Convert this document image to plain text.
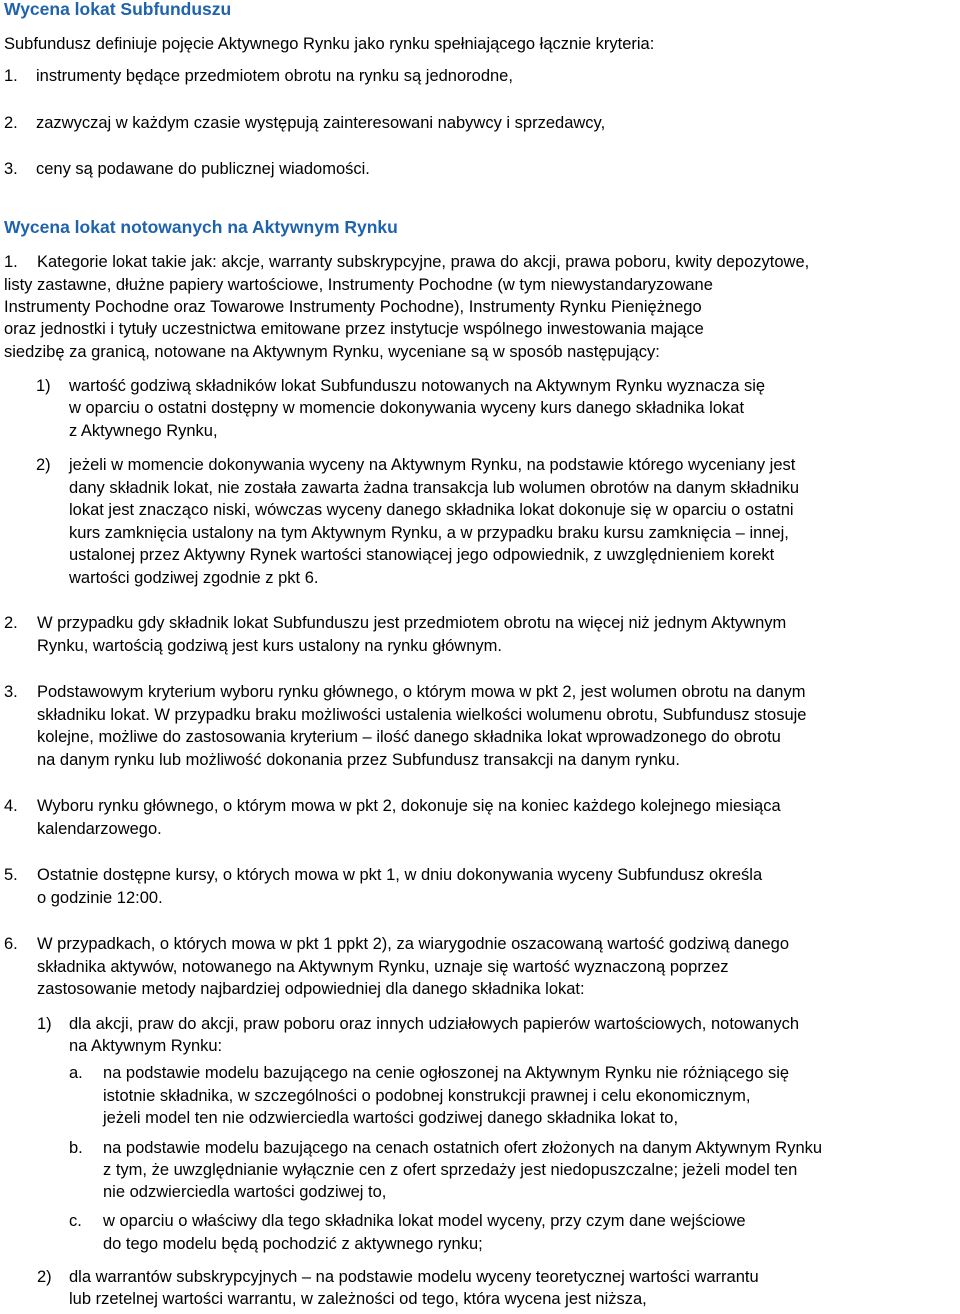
Wycena lokat Subfunduszu
Subfundusz definiuje pojęcie Aktywnego Rynku jako rynku spełniającego łącznie kryteria:
1. instrumenty będące przedmiotem obrotu na rynku są jednorodne,
2. zazwyczaj w każdym czasie występują zainteresowani nabywcy i sprzedawcy,
3. ceny są podawane do publicznej wiadomości.
Wycena lokat notowanych na Aktywnym Rynku
1. Kategorie lokat takie jak: akcje, warranty subskrypcyjne, prawa do akcji, prawa poboru, kwity depozytowe,
listy zastawne, dłużne papiery wartościowe, Instrumenty Pochodne (w tym niewystandaryzowane
Instrumenty Pochodne oraz Towarowe Instrumenty Pochodne), Instrumenty Rynku Pieniężnego
oraz jednostki i tytuły uczestnictwa emitowane przez instytucje wspólnego inwestowania mające
siedzibę za granicą, notowane na Aktywnym Rynku, wyceniane są w sposób następujący:
1) wartość godziwą składników lokat Subfunduszu notowanych na Aktywnym Rynku wyznacza się
w oparciu o ostatni dostępny w momencie dokonywania wyceny kurs danego składnika lokat
z Aktywnego Rynku,
2) jeżeli w momencie dokonywania wyceny na Aktywnym Rynku, na podstawie którego wyceniany jest
dany składnik lokat, nie została zawarta żadna transakcja lub wolumen obrotów na danym składniku
lokat jest znacząco niski, wówczas wyceny danego składnika lokat dokonuje się w oparciu o ostatni
kurs zamknięcia ustalony na tym Aktywnym Rynku, a w przypadku braku kursu zamknięcia – innej,
ustalonej przez Aktywny Rynek wartości stanowiącej jego odpowiednik, z uwzględnieniem korekt
wartości godziwej zgodnie z pkt 6.
2. W przypadku gdy składnik lokat Subfunduszu jest przedmiotem obrotu na więcej niż jednym Aktywnym
Rynku, wartością godziwą jest kurs ustalony na rynku głównym.
3. Podstawowym kryterium wyboru rynku głównego, o którym mowa w pkt 2, jest wolumen obrotu na danym
składniku lokat. W przypadku braku możliwości ustalenia wielkości wolumenu obrotu, Subfundusz stosuje
kolejne, możliwe do zastosowania kryterium – ilość danego składnika lokat wprowadzonego do obrotu
na danym rynku lub możliwość dokonania przez Subfundusz transakcji na danym rynku.
4. Wyboru rynku głównego, o którym mowa w pkt 2, dokonuje się na koniec każdego kolejnego miesiąca
kalendarzowego.
5. Ostatnie dostępne kursy, o których mowa w pkt 1, w dniu dokonywania wyceny Subfundusz określa
o godzinie 12:00.
6. W przypadkach, o których mowa w pkt 1 ppkt 2), za wiarygodnie oszacowaną wartość godziwą danego
składnika aktywów, notowanego na Aktywnym Rynku, uznaje się wartość wyznaczoną poprzez
zastosowanie metody najbardziej odpowiedniej dla danego składnika lokat:
1) dla akcji, praw do akcji, praw poboru oraz innych udziałowych papierów wartościowych, notowanych
na Aktywnym Rynku:
a. na podstawie modelu bazującego na cenie ogłoszonej na Aktywnym Rynku nie różniącego się
istotnie składnika, w szczególności o podobnej konstrukcji prawnej i celu ekonomicznym,
jeżeli model ten nie odzwierciedla wartości godziwej danego składnika lokat to,
b. na podstawie modelu bazującego na cenach ostatnich ofert złożonych na danym Aktywnym Rynku
z tym, że uwzględnianie wyłącznie cen z ofert sprzedaży jest niedopuszczalne; jeżeli model ten
nie odzwierciedla wartości godziwej to,
c. w oparciu o właściwy dla tego składnika lokat model wyceny, przy czym dane wejściowe
do tego modelu będą pochodzić z aktywnego rynku;
2) dla warrantów subskrypcyjnych – na podstawie modelu wyceny teoretycznej wartości warrantu
lub rzetelnej wartości warrantu, w zależności od tego, która wycena jest niższa,
